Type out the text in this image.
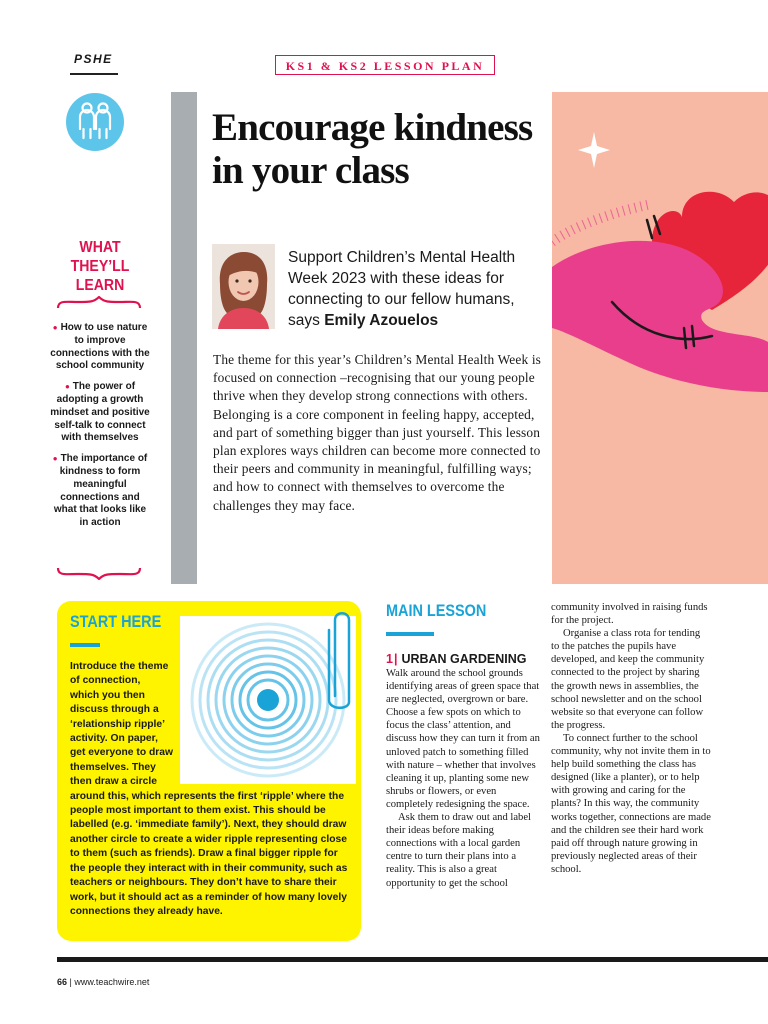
PSHE	KS1 & KS2 LESSON PLAN
WHAT
THEY’LL
LEARN
● How to use nature to improve connections with the school community
● The power of adopting a growth mindset and positive self-talk to connect with themselves
● The importance of kindness to form meaningful connections and what that looks like in action
Encourage kindness in your class
Support Children’s Mental Health Week 2023 with these ideas for connecting to our fellow humans, says Emily Azouelos
The theme for this year’s Children’s Mental Health Week is focused on connection –recognising that our young people thrive when they develop strong connections with others. Belonging is a core component in feeling happy, accepted, and part of something bigger than just yourself. This lesson plan explores ways children can become more connected to their peers and community in meaningful, fulfilling ways; and how to connect with themselves to overcome the challenges they may face.
START HERE
Introduce the theme
of connection,
which you then
discuss through a
‘relationship ripple’
activity. On paper,
get everyone to draw
themselves. They
then draw a circle

around this, which represents the first ‘ripple’ where the people most important to them exist. This should be labelled (e.g. ‘immediate family’). Next, they should draw another circle to create a wider ripple representing close to them (such as friends). Draw a final bigger ripple for the people they interact with in their community, such as teachers or neighbours. They don’t have to share their work, but it should act as a reminder of how many lovely connections they already have.

MAIN LESSON
1| URBAN GARDENING

Walk around the school grounds identifying areas of green space that are neglected, overgrown or bare. Choose a few spots on which to focus the class’ attention, and discuss how they can turn it from an unloved patch to something filled with nature – whether that involves cleaning it up, planting some new shrubs or flowers, or even completely redesigning the space.

Ask them to draw out and label their ideas before making connections with a local garden centre to turn their plans into a reality. This is also a great opportunity to get the school

community involved in raising funds for the project.

Organise a class rota for tending to the patches the pupils have developed, and keep the community connected to the project by sharing the growth news in assemblies, the school newsletter and on the school website so that everyone can follow the progress.

To connect further to the school community, why not invite them in to help build something the class has designed (like a planter), or to help with growing and caring for the plants? In this way, the community works together, connections are made and the children see their hard work paid off through nature growing in previously neglected areas of their school.

66 | www.teachwire.net
